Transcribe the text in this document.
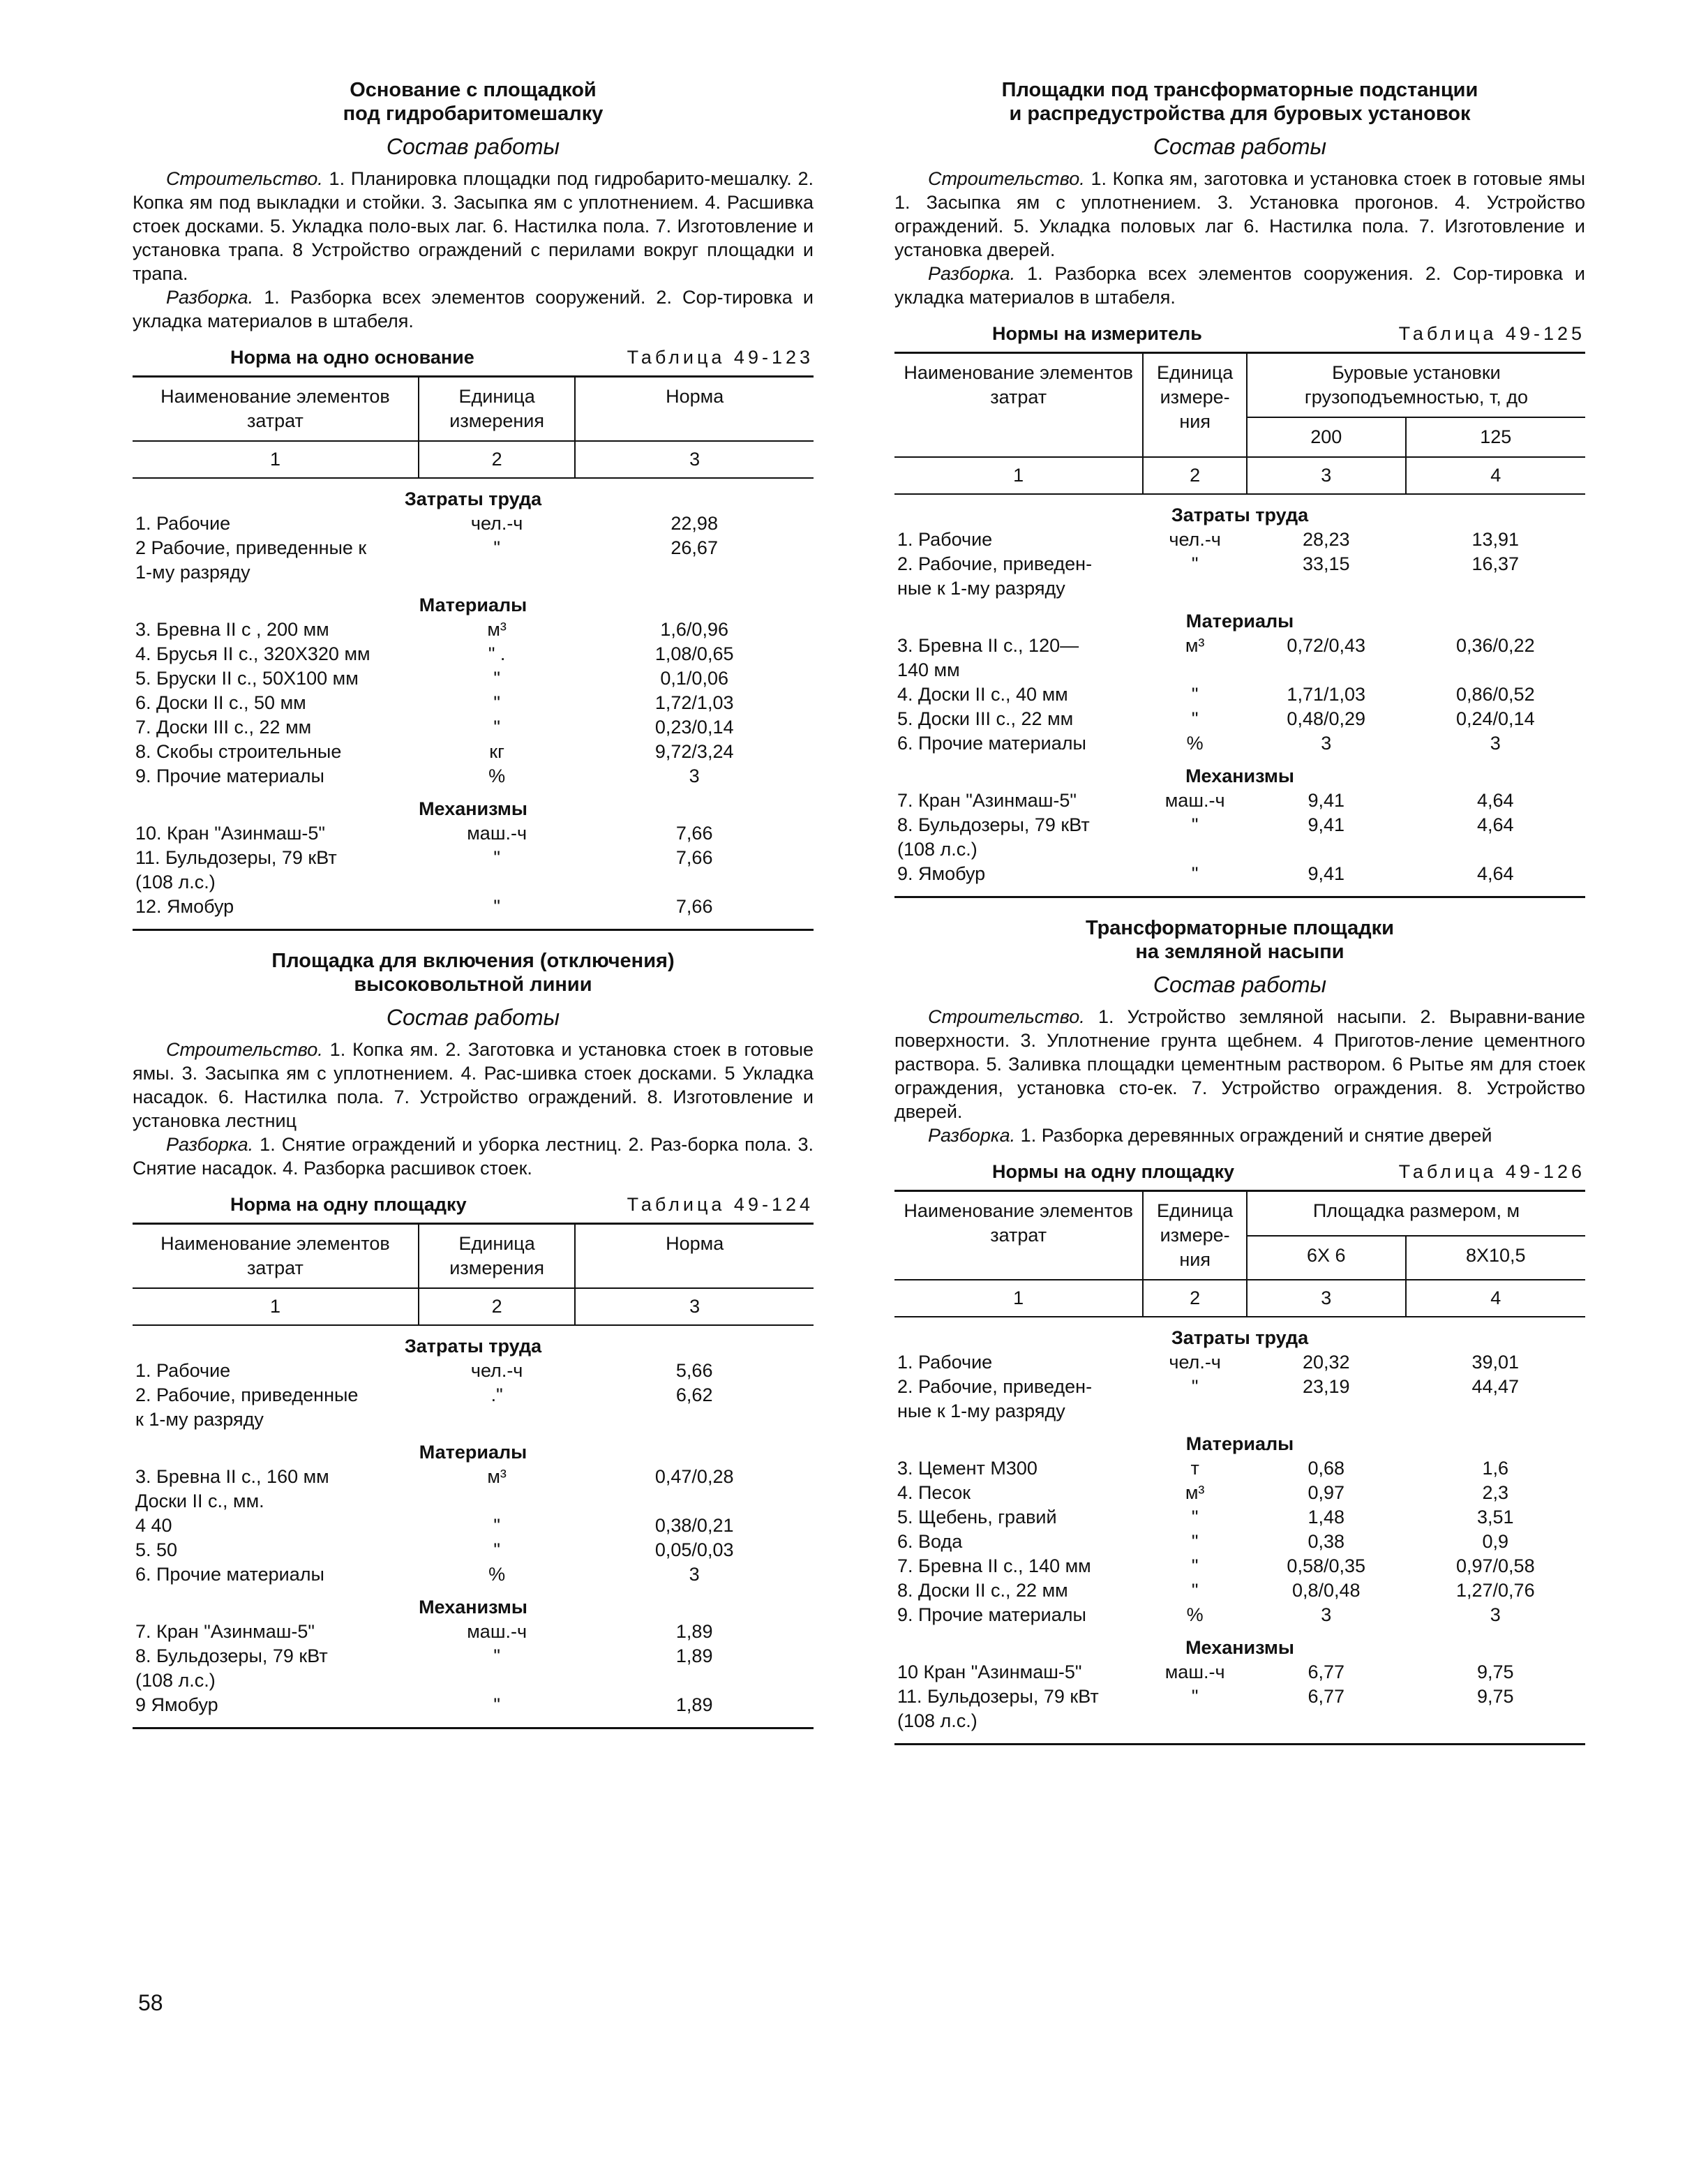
Основание с площадкой

под гидробаритомешалку

Состав работы

Строительство. 1. Планировка площадки под гидробарито-мешалку. 2. Копка ям под выкладки и стойки. 3. Засыпка ям с уплотнением. 4. Расшивка стоек досками. 5. Укладка поло-вых лаг. 6. Настилка пола. 7. Изготовление и установка трапа. 8 Устройство ограждений с перилами вокруг площадки и трапа.

Разборка. 1. Разборка всех элементов сооружений. 2. Сор-тировка и укладка материалов в штабеля.

Норма на одно основание	Таблица 49-123
Наименование элементов затрат	Единица измерения	Норма
1	2	3
Затраты труда		
1. Рабочие	чел.-ч	22,98
2 Рабочие, приведенные к	"	26,67
1-му разряду		
Материалы		
3. Бревна II с , 200 мм	м³	1,6/0,96
4. Брусья II с., 320Х320 мм	" .	1,08/0,65
5. Бруски II с., 50Х100 мм	"	0,1/0,06
6. Доски II с., 50 мм	"	1,72/1,03
7. Доски III с., 22 мм	"	0,23/0,14
8. Скобы строительные	кг	9,72/3,24
9. Прочие материалы	%	3
Механизмы		
10. Кран "Азинмаш-5"	маш.-ч	7,66
11. Бульдозеры, 79 кВт	"	7,66
(108 л.с.)		
12. Ямобур	"	7,66

Площадка для включения (отключения)

высоковольтной линии

Состав работы

Строительство. 1. Копка ям. 2. Заготовка и установка стоек в готовые ямы. 3. Засыпка ям с уплотнением. 4. Рас-шивка стоек досками. 5 Укладка насадок. 6. Настилка пола. 7. Устройство ограждений. 8. Изготовление и установка лестниц

Разборка. 1. Снятие ограждений и уборка лестниц. 2. Раз-борка пола. 3. Снятие насадок. 4. Разборка расшивок стоек.

Норма на одну площадку	Таблица 49-124
Наименование элементов затрат	Единица измерения	Норма
1	2	3
Затраты труда		
1. Рабочие	чел.-ч	5,66
2. Рабочие, приведенные	."	6,62
к 1-му разряду		
Материалы		
3. Бревна II с., 160 мм	м³	0,47/0,28
Доски II с., мм.		
4 40	"	0,38/0,21
5. 50	"	0,05/0,03
6. Прочие материалы	%	3
Механизмы		
7. Кран "Азинмаш-5"	маш.-ч	1,89
8. Бульдозеры, 79 кВт	"	1,89
(108 л.с.)		
9 Ямобур	"	1,89

Площадки под трансформаторные подстанции

и распредустройства для буровых установок

Состав работы

Строительство. 1. Копка ям, заготовка и установка стоек в готовые ямы 1. Засыпка ям с уплотнением. 3. Установка прогонов. 4. Устройство ограждений. 5. Укладка половых лаг 6. Настилка пола. 7. Изготовление и установка дверей.

Разборка. 1. Разборка всех элементов сооружения. 2. Сор-тировка и укладка материалов в штабеля.

Нормы на измеритель	Таблица 49-125
Наименование элементов затрат	Единица измере-ния	Буровые установки грузоподъемностью, т, до	
		200	125
1	2	3	4
Затраты труда			
1. Рабочие	чел.-ч	28,23	13,91
2. Рабочие, приведен-	"	33,15	16,37
ные к 1-му разряду			
Материалы			
3. Бревна II с., 120—	м³	0,72/0,43	0,36/0,22
140 мм			
4. Доски II с., 40 мм	"	1,71/1,03	0,86/0,52
5. Доски III с., 22 мм	"	0,48/0,29	0,24/0,14
6. Прочие материалы	%	3	3
Механизмы			
7. Кран "Азинмаш-5"	маш.-ч	9,41	4,64
8. Бульдозеры, 79 кВт	"	9,41	4,64
(108 л.с.)			
9. Ямобур	"	9,41	4,64

Трансформаторные площадки

на земляной насыпи

Состав работы

Строительство. 1. Устройство земляной насыпи. 2. Выравни-вание поверхности. 3. Уплотнение грунта щебнем. 4 Приготов-ление цементного раствора. 5. Заливка площадки цементным раствором. 6 Рытье ям для стоек ограждения, установка сто-ек. 7. Устройство ограждения. 8. Устройство дверей.

Разборка. 1. Разборка деревянных ограждений и снятие дверей

Нормы на одну площадку	Таблица 49-126
Наименование элементов затрат	Единица измере-ния	Площадка размером, м	
		6Х 6	8Х10,5
1	2	3	4
Затраты труда			
1. Рабочие	чел.-ч	20,32	39,01
2. Рабочие, приведен-	"	23,19	44,47
ные к 1-му разряду			
Материалы			
3. Цемент М300	т	0,68	1,6
4. Песок	м³	0,97	2,3
5. Щебень, гравий	"	1,48	3,51
6. Вода	"	0,38	0,9
7. Бревна II с., 140 мм	"	0,58/0,35	0,97/0,58
8. Доски II с., 22 мм	"	0,8/0,48	1,27/0,76
9. Прочие материалы	%	3	3
Механизмы			
10 Кран "Азинмаш-5"	маш.-ч	6,77	9,75
11. Бульдозеры, 79 кВт	"	6,77	9,75
(108 л.с.)			
58
